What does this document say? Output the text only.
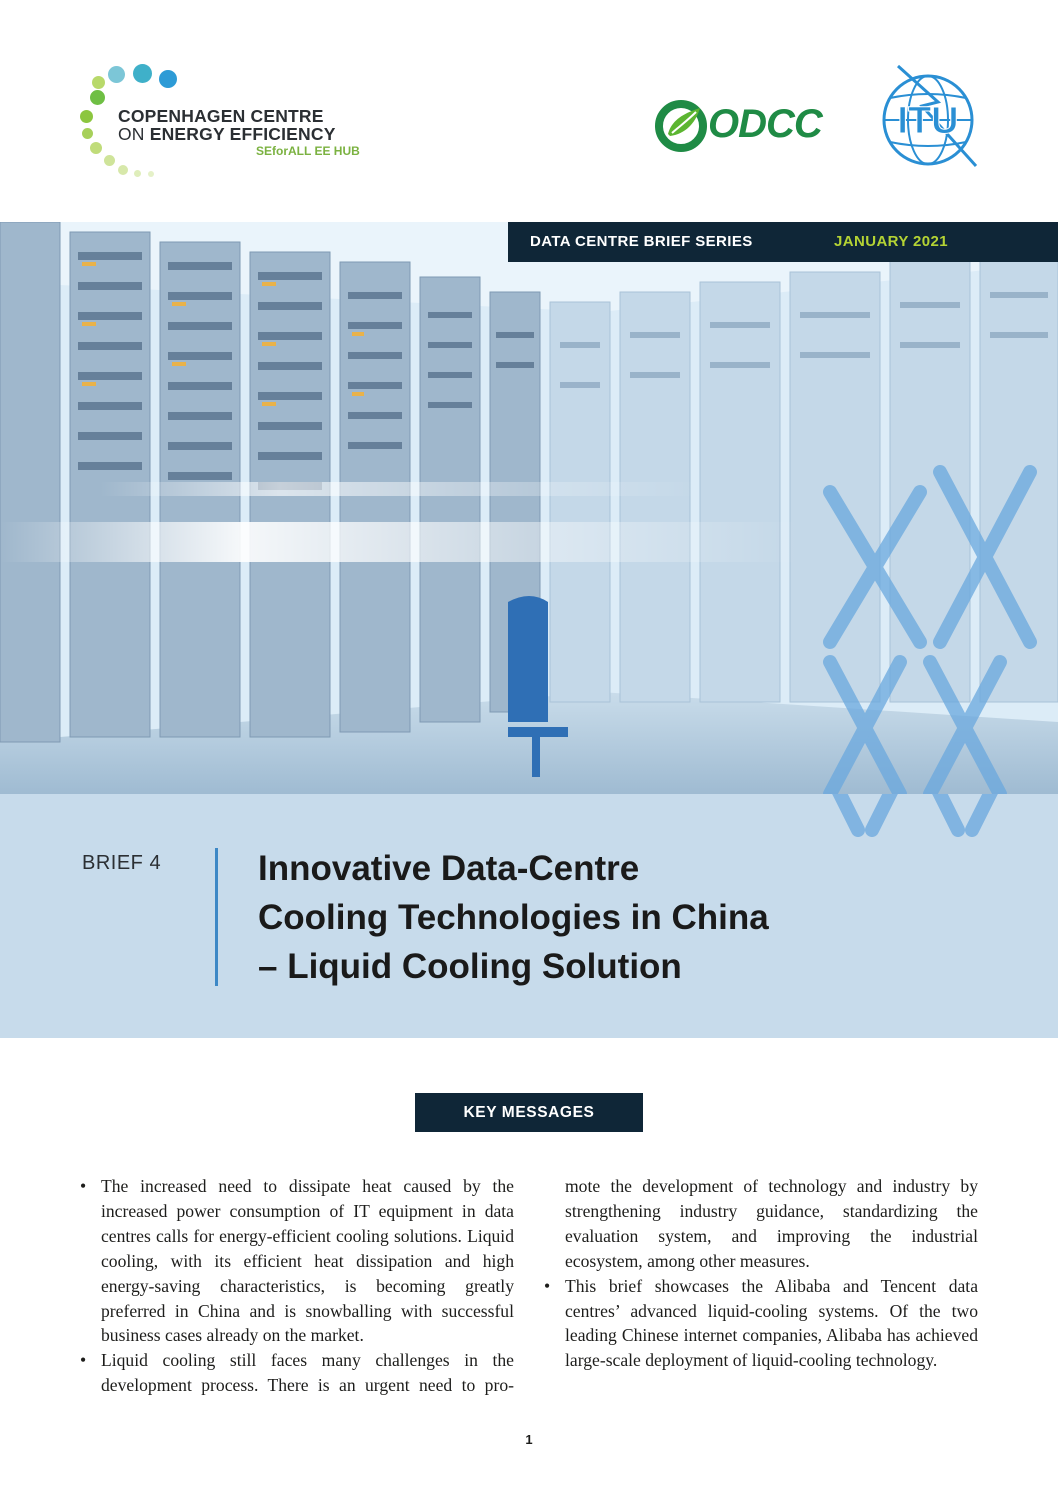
COPENHAGEN CENTRE
ON ENERGY EFFICIENCY
SEforALL EE HUB
ODCC ITU
DATA CENTRE BRIEF SERIES	JANUARY 2021
BRIEF 4	Innovative Data-Centre
Cooling Technologies in China
– Liquid Cooling Solution
KEY MESSAGES
• The increased need to dissipate heat caused by the increased power consumption of IT equipment in data centres calls for energy-efficient cooling solutions. Liquid cooling, with its efficient heat dissipation and high energy-saving characteristics, is becoming greatly preferred in China and is snowballing with successful business cases already on the market.
• Liquid cooling still faces many challenges in the development process. There is an urgent need to pro-

mote the development of technology and industry by strengthening industry guidance, standardizing the evaluation system, and improving the industrial ecosystem, among other measures.

• This brief showcases the Alibaba and Tencent data centres’ advanced liquid-cooling systems. Of the two leading Chinese internet companies, Alibaba has achieved large-scale deployment of liquid-cooling technology.
1
